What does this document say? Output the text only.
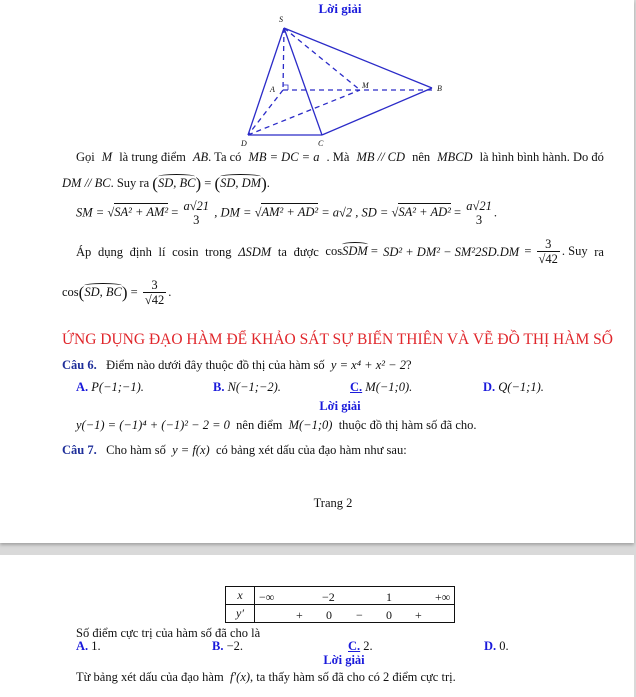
Lời giải
S
A	M	B
D	C
Gọi M là trung điểm AB. Ta có MB = DC = a . Mà MB // CD nên MBCD là hình bình hành. Do đó
DM // BC. Suy ra (SD, BC) = (SD, DM).
SM = √SA² + AM² = a√21
3
, DM = √AM² + AD² = a√2 , SD = √SA² + AD² = a√21
3
.
Áp dụng định lí cosin trong ΔSDM ta được cosSDM = $SD^2 + DM^2 - SM^22SD.DM = \frac{3}{√42}$ . Suy ra
cos(SD, $BC) = \frac{3}{√42}$ .
ỨNG DỤNG ĐẠO HÀM ĐỂ KHẢO SÁT SỰ BIẾN THIÊN VÀ VẼ ĐỒ THỊ HÀM SỐ
Câu 6. Điểm nào dưới đây thuộc đồ thị của hàm số y = x⁴ + x² − 2?
A. P(−1;−1).	B. N(−1;−2).	C. M(−1;0).	D. Q(−1;1).
Lời giải
y(−1) = (−1)⁴ + (−1)² − 2 = 0 nên điểm M(−1;0) thuộc đồ thị hàm số đã cho.
Câu 7. Cho hàm số y = f(x) có bảng xét dấu của đạo hàm như sau:
Trang 2
x	−∞ −2 1 +∞

y′	+ 0 − 0 +
Số điểm cực trị của hàm số đã cho là
A. 1.	B. −2.	C. 2.	D. 0.
Lời giải
Từ bảng xét dấu của đạo hàm f′(x), ta thấy hàm số đã cho có 2 điểm cực trị.
